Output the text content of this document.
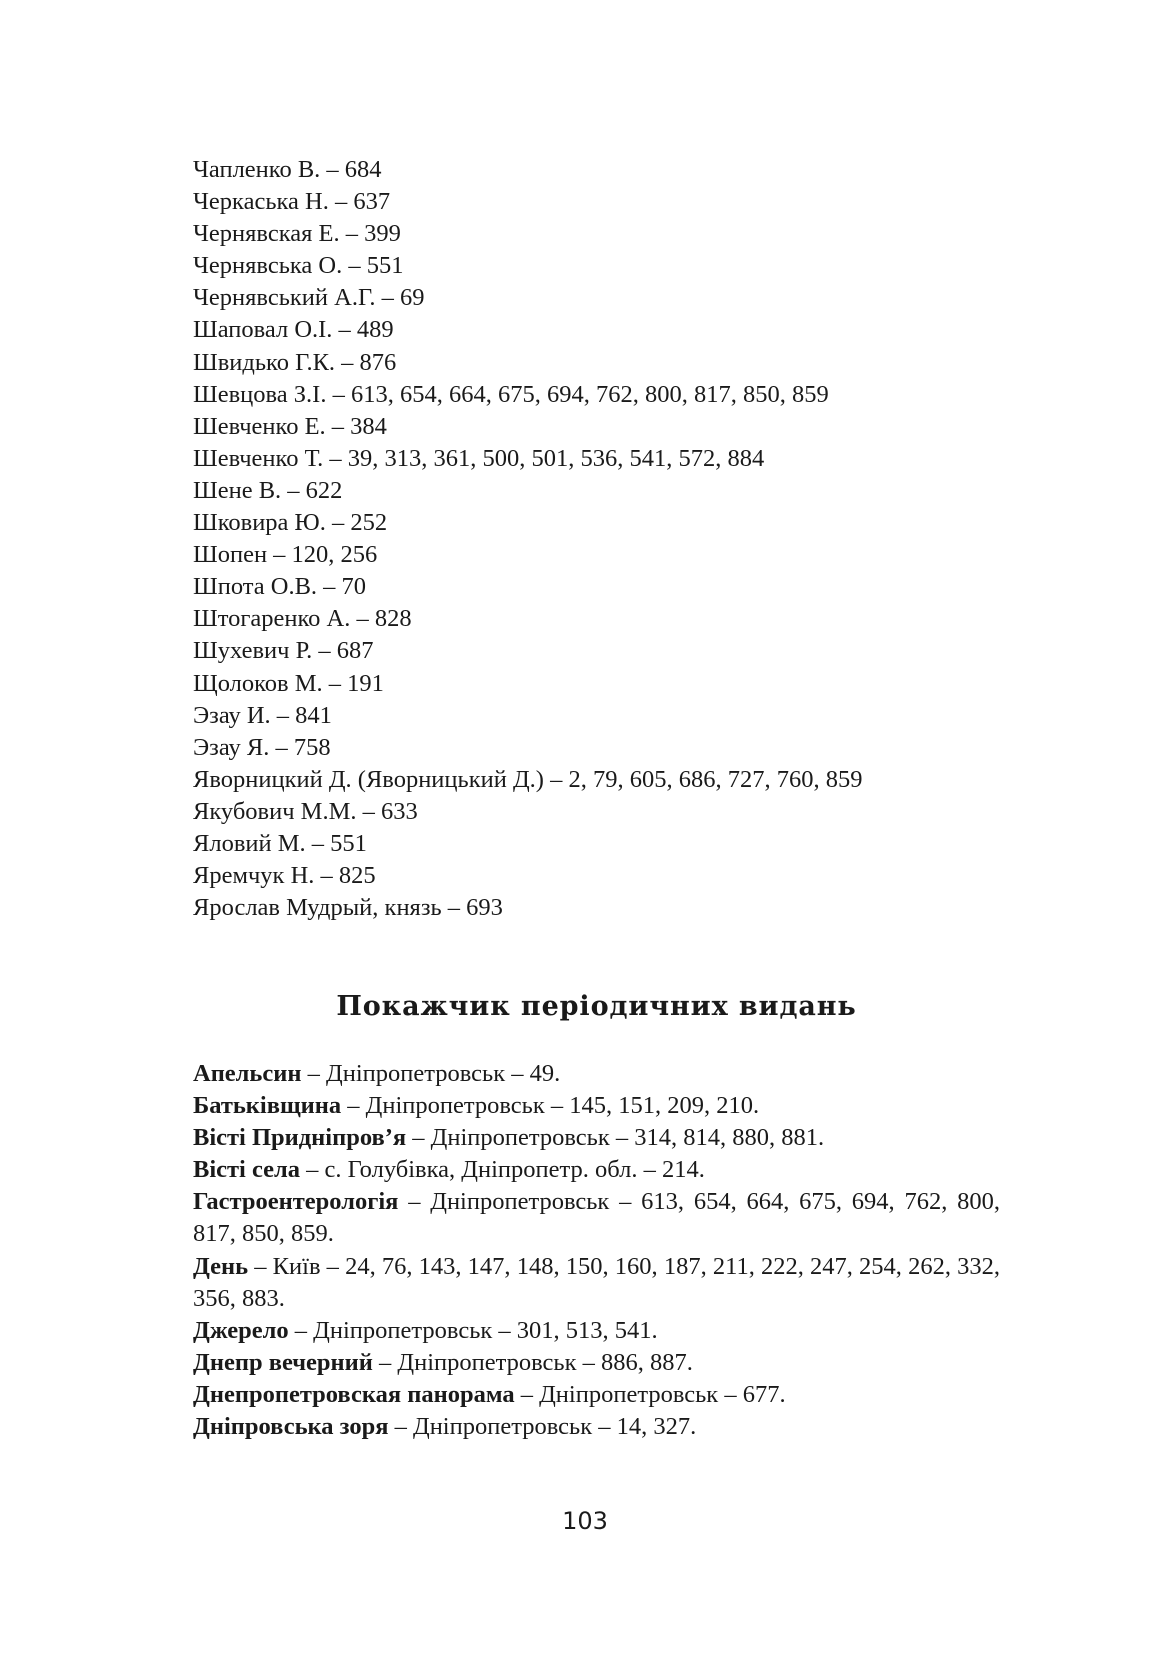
Чапленко В. – 684
Черкаська Н. – 637
Чернявская Е. – 399
Чернявська О. – 551
Чернявський А.Г. – 69
Шаповал О.І. – 489
Швидько Г.К. – 876
Шевцова З.І. – 613, 654, 664, 675, 694, 762, 800, 817, 850, 859
Шевченко Е. – 384
Шевченко Т. – 39, 313, 361, 500, 501, 536, 541, 572, 884
Шене В. – 622
Шковира Ю. – 252
Шопен – 120, 256
Шпота О.В. – 70
Штогаренко А. – 828
Шухевич Р. – 687
Щолоков М. – 191
Эзау И. – 841
Эзау Я. – 758
Яворницкий Д. (Яворницький Д.) – 2, 79, 605, 686, 727, 760, 859
Якубович М.М. – 633
Яловий М. – 551
Яремчук Н. – 825
Ярослав Мудрый, князь – 693
Покажчик періодичних видань
Апельсин – Дніпропетровськ – 49.
Батьківщина – Дніпропетровськ – 145, 151, 209, 210.
Вісті Придніпров’я – Дніпропетровськ – 314, 814, 880, 881.
Вісті села – с. Голубівка, Дніпропетр. обл. – 214.
Гастроентерологія – Дніпропетровськ – 613, 654, 664, 675, 694, 762, 800, 817, 850, 859.
День – Київ – 24, 76, 143, 147, 148, 150, 160, 187, 211, 222, 247, 254, 262, 332, 356, 883.
Джерело – Дніпропетровськ – 301, 513, 541.
Днепр вечерний – Дніпропетровськ – 886, 887.
Днепропетровская панорама – Дніпропетровськ – 677.
Дніпровська зоря – Дніпропетровськ – 14, 327.
103
